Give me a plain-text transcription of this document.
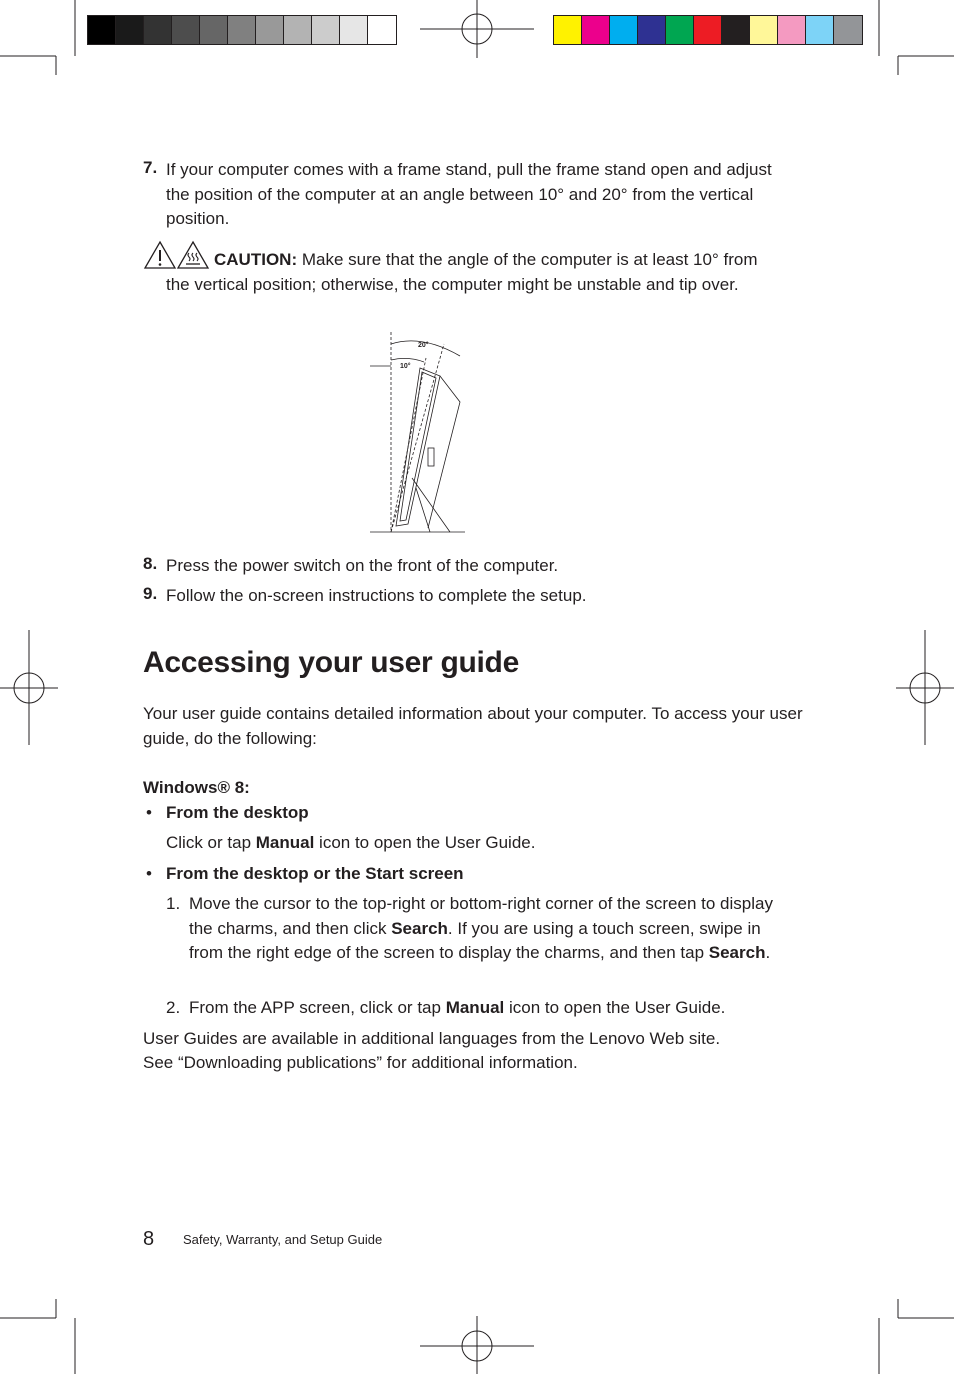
7. If your computer comes with a frame stand, pull the frame stand open and adjust the position of the computer at an angle between 10° and 20° from the vertical position.
CAUTION: Make sure that the angle of the computer is at least 10° from the vertical position; otherwise, the computer might be unstable and tip over.
20°
10°
8. Press the power switch on the front of the computer.
9. Follow the on-screen instructions to complete the setup.
Accessing your user guide
Your user guide contains detailed information about your computer. To access your user guide, do the following:
Windows® 8:
• From the desktop
Click or tap Manual icon to open the User Guide.
• From the desktop or the Start screen
1. Move the cursor to the top-right or bottom-right corner of the screen to display the charms, and then click Search. If you are using a touch screen, swipe in from the right edge of the screen to display the charms, and then tap Search.
2. From the APP screen, click or tap Manual icon to open the User Guide.
User Guides are available in additional languages from the Lenovo Web site.
See “Downloading publications” for additional information.
8 Safety, Warranty, and Setup Guide
